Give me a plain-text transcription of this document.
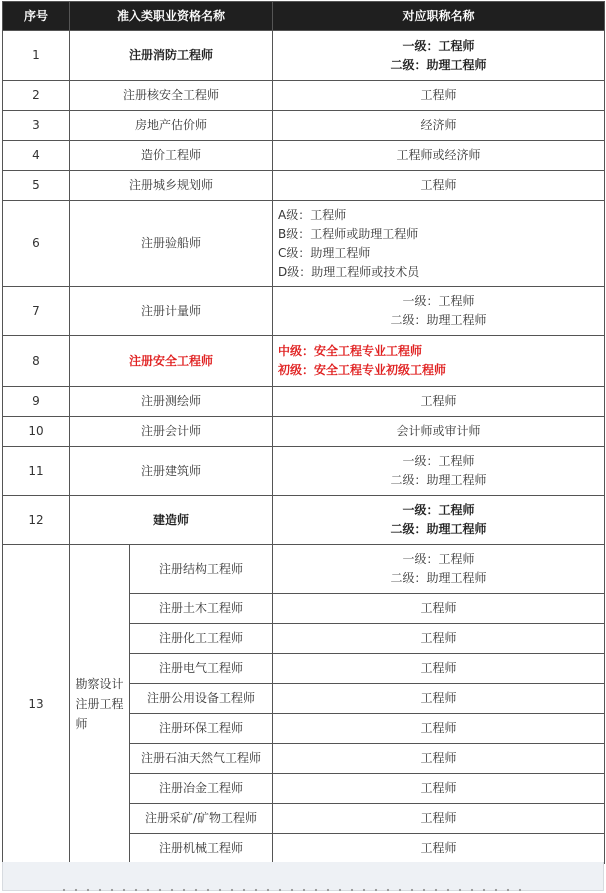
序号	准入类职业资格名称		对应职称名称
1	注册消防工程师		一级：工程师
二级：助理工程师

2	注册核安全工程师		工程师
3	房地产估价师		经济师
4	造价工程师		工程师或经济师
5	注册城乡规划师		工程师
6	注册验船师		A级：工程师
B级：工程师或助理工程师
C级：助理工程师
D级：助理工程师或技术员

7	注册计量师		一级：工程师
二级：助理工程师

8	注册安全工程师		中级：安全工程专业工程师
初级：安全工程专业初级工程师

9	注册测绘师		工程师
10	注册会计师		会计师或审计师
11	注册建筑师		一级：工程师
二级：助理工程师

12	建造师		一级：工程师
二级：助理工程师

13	勘察设计注册工程师	注册结构工程师	一级：工程师
二级：助理工程师

		注册土木工程师	工程师
		注册化工工程师	工程师
		注册电气工程师	工程师
		注册公用设备工程师	工程师
		注册环保工程师	工程师
		注册石油天然气工程师	工程师
		注册冶金工程师	工程师
		注册采矿/矿物工程师	工程师
		注册机械工程师	工程师
